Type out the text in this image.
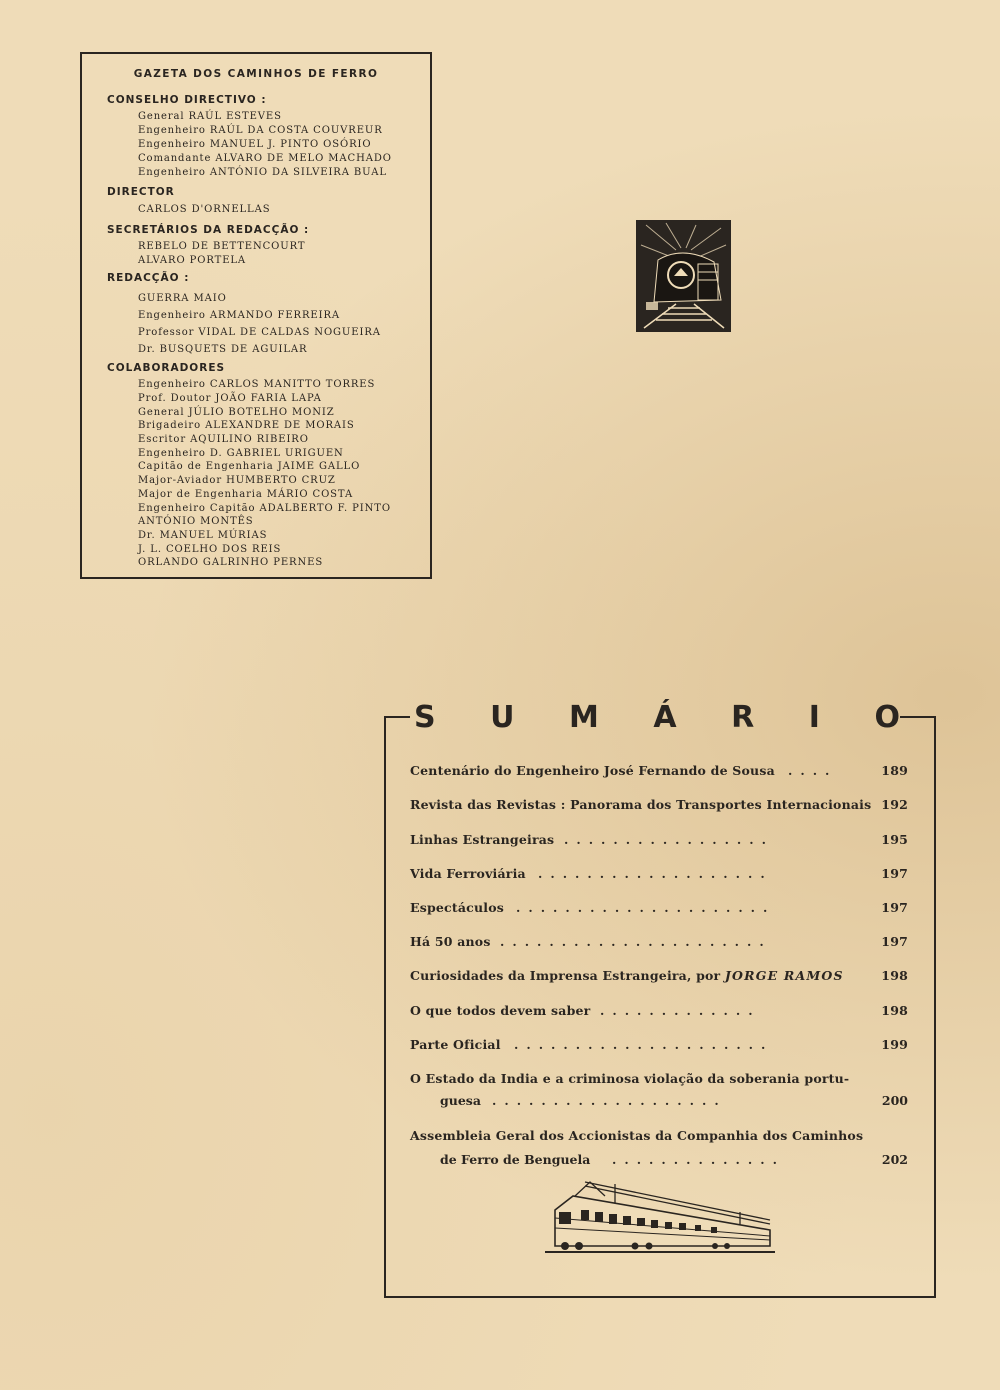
GAZETA DOS CAMINHOS DE FERRO
CONSELHO DIRECTIVO :
General RAÚL ESTEVES
Engenheiro RAÚL DA COSTA COUVREUR
Engenheiro MANUEL J. PINTO OSÓRIO
Comandante ALVARO DE MELO MACHADO
Engenheiro ANTÓNIO DA SILVEIRA BUAL
DIRECTOR
CARLOS D'ORNELLAS
SECRETÁRIOS DA REDACÇÃO :
REBELO DE BETTENCOURT
ALVARO PORTELA
REDACÇÃO :
GUERRA MAIO
Engenheiro ARMANDO FERREIRA
Professor VIDAL DE CALDAS NOGUEIRA
Dr. BUSQUETS DE AGUILAR
COLABORADORES
Engenheiro CARLOS MANITTO TORRES
Prof. Doutor JOÃO FARIA LAPA
General JÚLIO BOTELHO MONIZ
Brigadeiro ALEXANDRE DE MORAIS
Escritor AQUILINO RIBEIRO
Engenheiro D. GABRIEL URIGUEN
Capitão de Engenharia JAIME GALLO
Major-Aviador HUMBERTO CRUZ
Major de Engenharia MÁRIO COSTA
Engenheiro Capitão ADALBERTO F. PINTO
ANTÓNIO MONTÊS
Dr. MANUEL MÚRIAS
J. L. COELHO DOS REIS
ORLANDO GALRINHO PERNES
S U M Á R I O
Centenário do Engenheiro José Fernando de Sousa ....	189
Revista das Revistas : Panorama dos Transportes Internacionais 192
Linhas Estrangeiras .................	195
Vida Ferroviária ...................	197
Espectáculos .....................	197
Há 50 anos ......................	197
Curiosidades da Imprensa Estrangeira, por JORGE RAMOS	198
O que todos devem saber .............	198
Parte Oficial .....................	199
O Estado da India e a criminosa violação da soberania portu-
guesa ...................	200
Assembleia Geral dos Accionistas da Companhia dos Caminhos
de Ferro de Benguela ..............	202
